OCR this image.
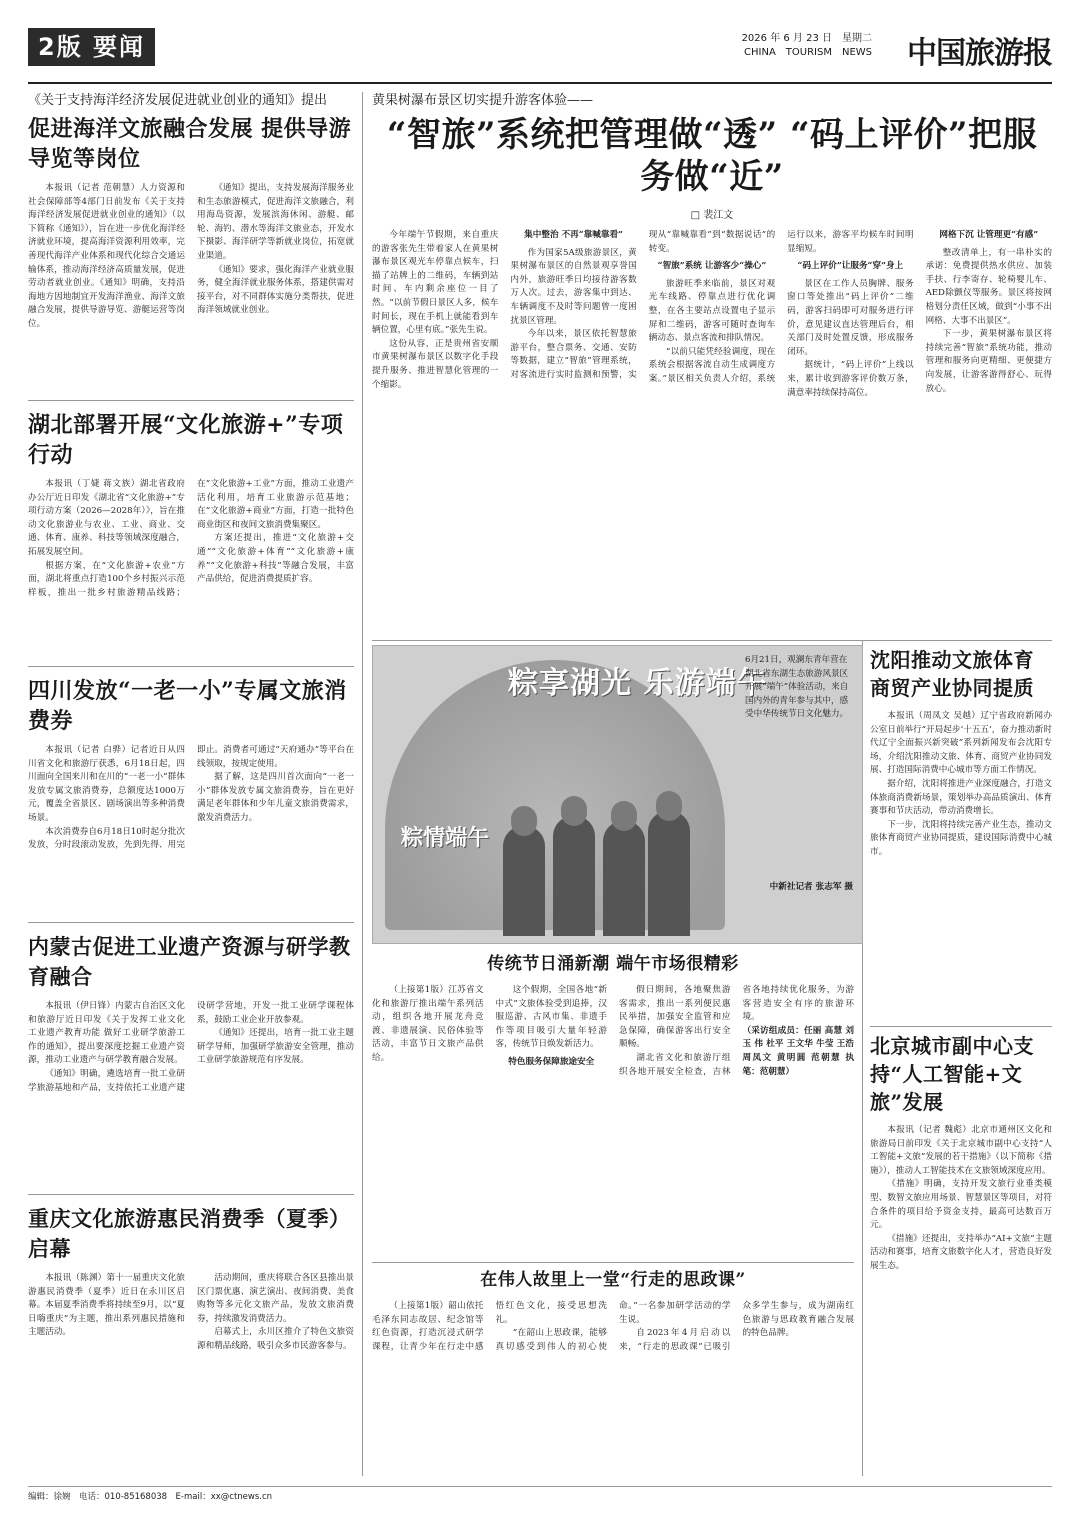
2版 要闻	2026 年 6 月 23 日　星期二
CHINA　TOURISM　NEWS 中国旅游报
《关于支持海洋经济发展促进就业创业的通知》提出
促进海洋文旅融合发展 提供导游导览等岗位

本报讯（记者 范朝慧）人力资源和社会保障部等4部门日前发布《关于支持海洋经济发展促进就业创业的通知》（以下简称《通知》），旨在进一步优化海洋经济就业环境，提高海洋资源利用效率，完善现代海洋产业体系和现代化综合交通运输体系，推动海洋经济高质量发展，促进劳动者就业创业。《通知》明确，支持沿海地方因地制宜开发海洋渔业、海洋文旅融合发展，提供导游导览、游艇运营等岗位。

《通知》提出，支持发展海洋服务业和生态旅游模式，促进海洋文旅融合，利用海岛资源，发展滨海休闲、游艇、邮轮、海钓、潜水等海洋文旅业态，开发水下摄影、海洋研学等新就业岗位，拓宽就业渠道。

《通知》要求，强化海洋产业就业服务，健全海洋就业服务体系，搭建供需对接平台，对不同群体实施分类帮扶，促进海洋领域就业创业。

黄果树瀑布景区切实提升游客体验——
“智旅”系统把管理做“透” “码上评价”把服务做“近”
□ 裴江文

今年端午节假期，来自重庆的游客张先生带着家人在黄果树瀑布景区观光车停靠点候车，扫描了站牌上的二维码，车辆到站时间、车内剩余座位一目了然。“以前节假日景区人多，候车时间长，现在手机上就能看到车辆位置，心里有底。”张先生说。

这份从容，正是贵州省安顺市黄果树瀑布景区以数字化手段提升服务、推进智慧化管理的一个缩影。

集中整治 不再“靠喊靠看”

作为国家5A级旅游景区，黄果树瀑布景区的自然景观享誉国内外，旅游旺季日均接待游客数万人次。过去，游客集中到达、车辆调度不及时等问题曾一度困扰景区管理。

今年以来，景区依托智慧旅游平台，整合票务、交通、安防等数据，建立“智旅”管理系统，对客流进行实时监测和预警，实现从“靠喊靠看”到“数据说话”的转变。

“智旅”系统 让游客少“操心”

旅游旺季来临前，景区对观光车线路、停靠点进行优化调整，在各主要站点设置电子显示屏和二维码，游客可随时查询车辆动态、景点客流和排队情况。

“以前只能凭经验调度，现在系统会根据客流自动生成调度方案。”景区相关负责人介绍，系统运行以来，游客平均候车时间明显缩短。

“码上评价”让服务“穿”身上

景区在工作人员胸牌、服务窗口等处推出“码上评价”二维码，游客扫码即可对服务进行评价，意见建议直达管理后台，相关部门及时处置反馈，形成服务闭环。

据统计，“码上评价”上线以来，累计收到游客评价数万条，满意率持续保持高位。

网格下沉 让管理更“有感”

整改清单上，有一串朴实的承诺：免费提供热水供应、加装手扶、行李寄存、轮椅婴儿车、AED除颤仪等服务。景区将按网格划分责任区域，做到“小事不出网格、大事不出景区”。

下一步，黄果树瀑布景区将持续完善“智旅”系统功能，推动管理和服务向更精细、更便捷方向发展，让游客游得舒心、玩得放心。

湖北部署开展“文化旅游+”专项行动

本报讯（丁婕 蒋文族）湖北省政府办公厅近日印发《湖北省“文化旅游+”专项行动方案（2026—2028年）》，旨在推动文化旅游业与农业、工业、商业、交通、体育、康养、科技等领域深度融合，拓展发展空间。

根据方案，在“文化旅游+农业”方面，湖北将重点打造100个乡村振兴示范样板，推出一批乡村旅游精品线路；在“文化旅游+工业”方面，推动工业遗产活化利用，培育工业旅游示范基地；在“文化旅游+商业”方面，打造一批特色商业街区和夜间文旅消费集聚区。

方案还提出，推进“文化旅游+交通”“文化旅游+体育”“文化旅游+康养”“文化旅游+科技”等融合发展，丰富产品供给，促进消费提质扩容。

四川发放“一老一小”专属文旅消费券

本报讯（记者 白骅）记者近日从四川省文化和旅游厅获悉，6月18日起，四川面向全国来川和在川的“一老一小”群体发放专属文旅消费券，总额度达1000万元，覆盖全省景区、剧场演出等多种消费场景。

本次消费券自6月18日10时起分批次发放，分时段滚动发放，先到先得、用完即止。消费者可通过“天府通办”等平台在线领取，按规定使用。

据了解，这是四川首次面向“一老一小”群体发放专属文旅消费券，旨在更好满足老年群体和少年儿童文旅消费需求，激发消费活力。

内蒙古促进工业遗产资源与研学教育融合

本报讯（伊日锋）内蒙古自治区文化和旅游厅近日印发《关于发挥工业文化 工业遗产教育功能 做好工业研学旅游工作的通知》，提出要深度挖掘工业遗产资源，推动工业遗产与研学教育融合发展。

《通知》明确，遴选培育一批工业研学旅游基地和产品，支持依托工业遗产建设研学营地，开发一批工业研学课程体系，鼓励工业企业开放参观。

《通知》还提出，培育一批工业主题研学导师，加强研学旅游安全管理，推动工业研学旅游规范有序发展。

重庆文化旅游惠民消费季（夏季）启幕

本报讯（陈渊）第十一届重庆文化旅游惠民消费季（夏季）近日在永川区启幕。本届夏季消费季将持续至9月，以“夏日嗨重庆”为主题，推出系列惠民措施和主题活动。

活动期间，重庆将联合各区县推出景区门票优惠、演艺演出、夜间消费、美食购物等多元化文旅产品，发放文旅消费券，持续激发消费活力。

启幕式上，永川区推介了特色文旅资源和精品线路，吸引众多市民游客参与。

粽享湖光 乐游端午
粽情端午
6月21日，观澜东青年营在湖北省东湖生态旅游风景区开展“端午”体验活动，来自国内外的青年参与其中，感受中华传统节日文化魅力。
中新社记者 张志军 摄
沈阳推动文旅体育商贸产业协同提质

本报讯（周凤文 吴越）辽宁省政府新闻办公室日前举行“开局起步‘十五五’，奋力推动新时代辽宁全面振兴新突破”系列新闻发布会沈阳专场，介绍沈阳推动文旅、体育、商贸产业协同发展、打造国际消费中心城市等方面工作情况。

据介绍，沈阳将推进产业深度融合，打造文体旅商消费新场景，策划举办高品质演出、体育赛事和节庆活动，带动消费增长。

下一步，沈阳将持续完善产业生态，推动文旅体育商贸产业协同提质，建设国际消费中心城市。

传统节日涌新潮 端午市场很精彩

（上接第1版）江苏省文化和旅游厅推出端午系列活动，组织各地开展龙舟竞渡、非遗展演、民俗体验等活动，丰富节日文旅产品供给。

这个假期，全国各地“新中式”文旅体验受到追捧，汉服巡游、古风市集、非遗手作等项目吸引大量年轻游客，传统节日焕发新活力。

特色服务保障旅途安全

假日期间，各地聚焦游客需求，推出一系列便民惠民举措，加强安全监管和应急保障，确保游客出行安全顺畅。

湖北省文化和旅游厅组织各地开展安全检查，吉林省各地持续优化服务，为游客营造安全有序的旅游环境。

（采访组成员：任丽 高慧 刘玉 伟 杜平 王文华 牛莹 王浩 周凤文 黄明圆 范朝慧 执笔：范朝慧）

在伟人故里上一堂“行走的思政课”

（上接第1版）韶山依托毛泽东同志故居、纪念馆等红色资源，打造沉浸式研学课程，让青少年在行走中感悟红色文化，接受思想洗礼。

“在韶山上思政课，能够真切感受到伟人的初心使命。”一名参加研学活动的学生说。

自2023年4月启动以来，“行走的思政课”已吸引众多学生参与，成为湖南红色旅游与思政教育融合发展的特色品牌。

北京城市副中心支持“人工智能+文旅”发展

本报讯（记者 魏彪）北京市通州区文化和旅游局日前印发《关于北京城市副中心支持“人工智能+文旅”发展的若干措施》（以下简称《措施》），推动人工智能技术在文旅领域深度应用。

《措施》明确，支持开发文旅行业垂类模型、数智文旅应用场景、智慧景区等项目，对符合条件的项目给予资金支持，最高可达数百万元。

《措施》还提出，支持举办“AI+文旅”主题活动和赛事，培育文旅数字化人才，营造良好发展生态。

编辑：徐婉　电话：010-85168038　E-mail：xx@ctnews.cn
